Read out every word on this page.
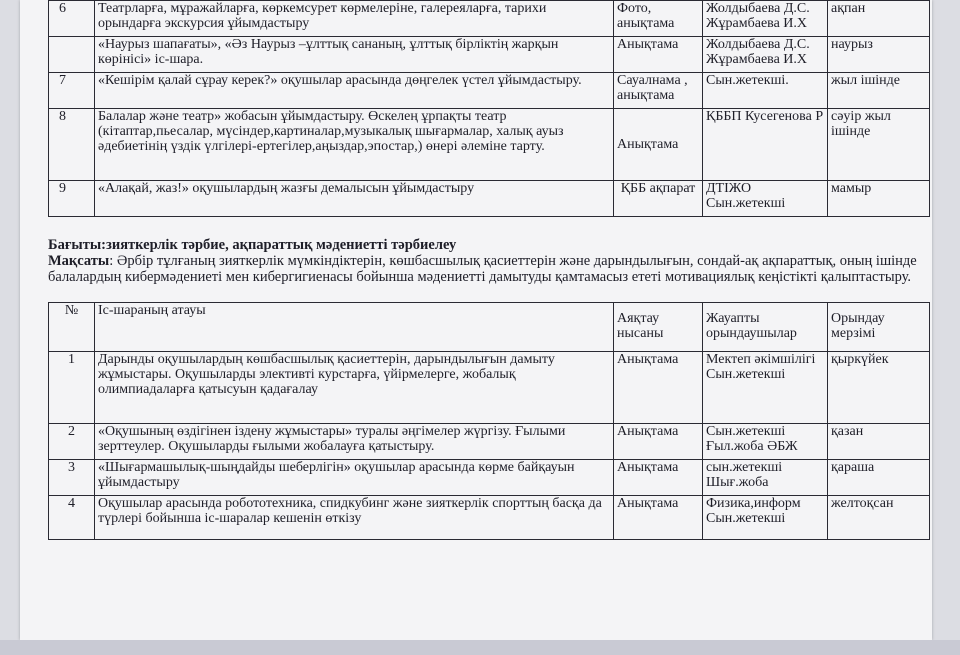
6	Театрларға, мұражайларға, көркемсурет көрмелеріне, галереяларға, тарихи орындарға экскурсия ұйымдастыру	Фото, анықтама	Жолдыбаева Д.С. Жұрамбаева И.Х	ақпан
	«Наурыз шапағаты», «Әз Наурыз –ұлттық сананың, ұлттық бірліктің жарқын көрінісі» іс-шара.	Анықтама	Жолдыбаева Д.С. Жұрамбаева И.Х	наурыз
7	«Кешірім қалай сұрау керек?» оқушылар арасында дөңгелек үстел ұйымдастыру.	Сауалнама , анықтама	Сын.жетекші.	жыл ішінде
8	Балалар және театр» жобасын ұйымдастыру. Өскелең ұрпақты театр (кітаптар,пьесалар, мүсіндер,картиналар,музыкалық шығармалар, халық ауыз әдебиетінің үздік үлгілері-ертегілер,аңыздар,эпостар,) өнері әлеміне тарту.	Анықтама	ҚББП Кусегенова Р	сәуір жыл ішінде
9	«Алақай, жаз!» оқушылардың жазғы демалысын ұйымдастыру	ҚББ ақпарат	ДТІЖО Сын.жетекші	мамыр
Бағыты:зияткерлік тәрбие, ақпараттық мәдениетті тәрбиелеу
Мақсаты: Әрбір тұлғаның зияткерлік мүмкіндіктерін, көшбасшылық қасиеттерін және дарындылығын, сондай-ақ ақпараттық, оның ішінде балалардың кибермәдениеті мен кибергигиенасы бойынша мәдениетті дамытуды қамтамасыз ететі мотивациялық кеңістікті қалыптастыру.
№	Іс-шараның атауы	Аяқтау нысаны	Жауапты орындаушылар	Орындау мерзімі
1	Дарынды оқушылардың көшбасшылық қасиеттерін, дарындылығын дамыту жұмыстары. Оқушыларды элективті курстарға, үйірмелерге, жобалық олимпиадаларға қатысуын қадағалау	Анықтама	Мектеп әкімшілігі Сын.жетекші	қыркүйек
2	«Оқушының өздігінен іздену жұмыстары» туралы әңгімелер жүргізу. Ғылыми зерттеулер. Оқушыларды ғылыми жобалауға қатыстыру.	Анықтама	Сын.жетекші Ғыл.жоба ӘБЖ	қазан
3	«Шығармашылық-шыңдайды шеберлігін» оқушылар арасында көрме байқауын ұйымдастыру	Анықтама	сын.жетекші Шығ.жоба	қараша
4	Оқушылар арасында робототехника, спидкубинг және зияткерлік спорттың басқа да түрлері бойынша іс-шаралар кешенін өткізу	Анықтама	Физика,информ Сын.жетекші	желтоқсан
